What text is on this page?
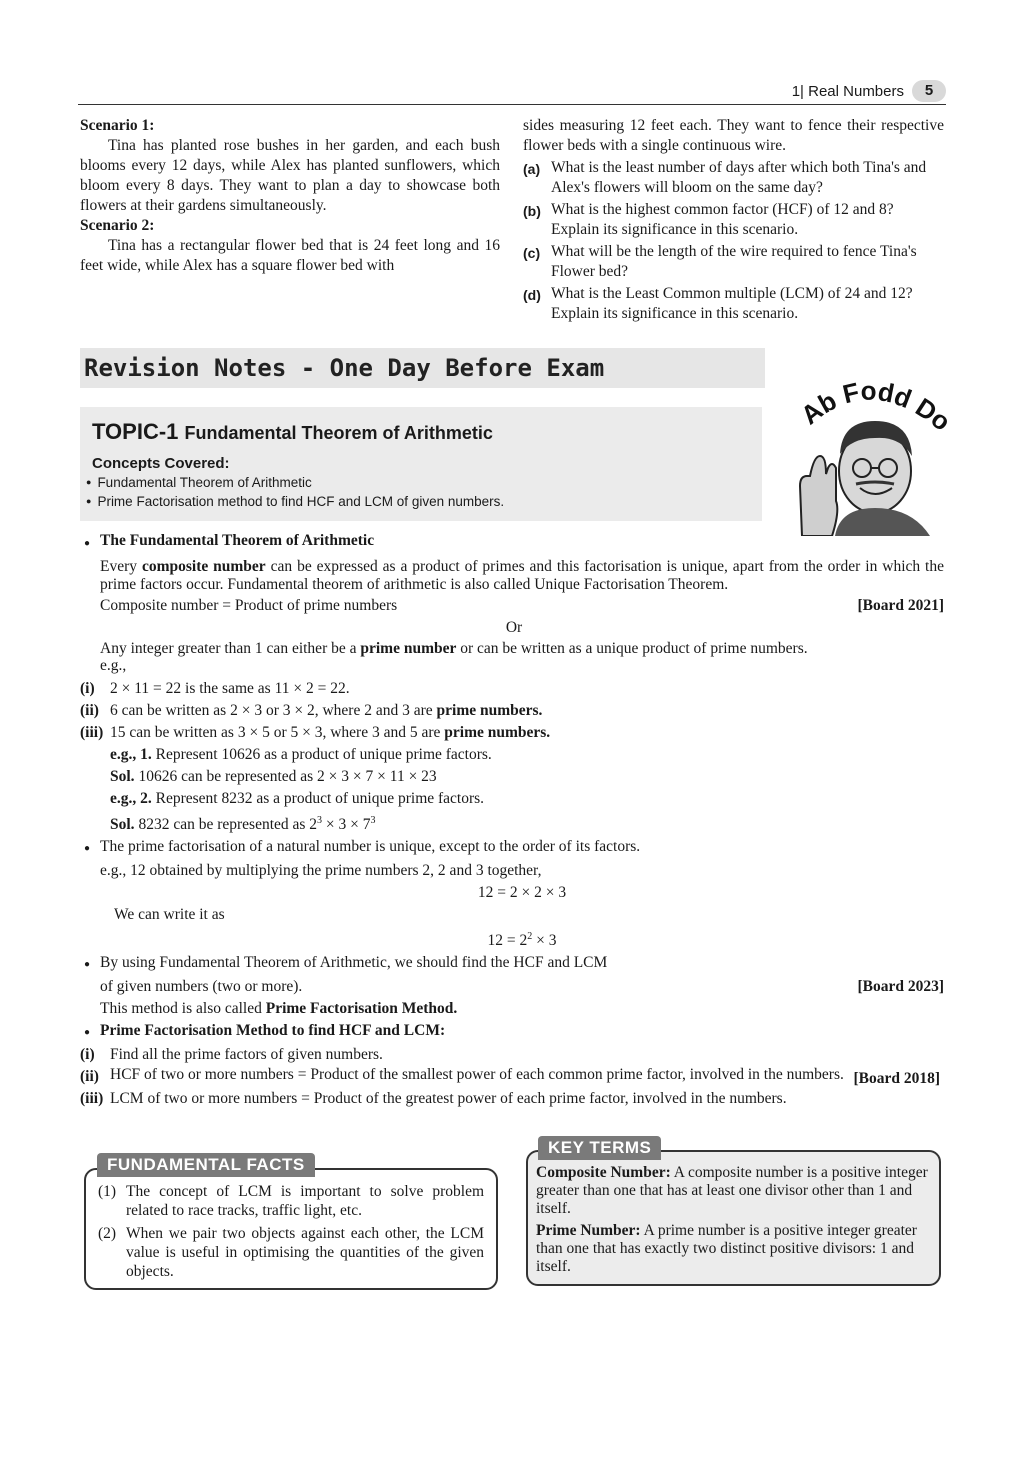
1| Real Numbers	5
Scenario 1:
Tina has planted rose bushes in her garden, and each bush blooms every 12 days, while Alex has planted sunflowers, which bloom every 8 days. They want to plan a day to showcase both flowers at their gardens simultaneously.
Scenario 2:
Tina has a rectangular flower bed that is 24 feet long and 16 feet wide, while Alex has a square flower bed with
sides measuring 12 feet each. They want to fence their respective flower beds with a single continuous wire.
(a) What is the least number of days after which both Tina's and Alex's flowers will bloom on the same day?
(b) What is the highest common factor (HCF) of 12 and 8? Explain its significance in this scenario.
(c) What will be the length of the wire required to fence Tina's Flower bed?
(d) What is the Least Common multiple (LCM) of 24 and 12? Explain its significance in this scenario.
Revision Notes - One Day Before Exam
TOPIC-1 Fundamental Theorem of Arithmetic
Concepts Covered:
● Fundamental Theorem of Arithmetic
● Prime Factorisation method to find HCF and LCM of given numbers.
Ab Fodd Do
● The Fundamental Theorem of Arithmetic
Every composite number can be expressed as a product of primes and this factorisation is unique, apart from the order in which the prime factors occur. Fundamental theorem of arithmetic is also called Unique Factorisation Theorem.
Composite number = Product of prime numbers	[Board 2021]
Or
Any integer greater than 1 can either be a prime number or can be written as a unique product of prime numbers.
e.g.,
(i) 2 × 11 = 22 is the same as 11 × 2 = 22.
(ii) 6 can be written as 2 × 3 or 3 × 2, where 2 and 3 are prime numbers.
(iii) 15 can be written as 3 × 5 or 5 × 3, where 3 and 5 are prime numbers.
e.g., 1. Represent 10626 as a product of unique prime factors.
Sol. 10626 can be represented as 2 × 3 × 7 × 11 × 23
e.g., 2. Represent 8232 as a product of unique prime factors.
Sol. 8232 can be represented as $2^3 \times 3 \times 7^3$
● The prime factorisation of a natural number is unique, except to the order of its factors.
e.g., 12 obtained by multiplying the prime numbers 2, 2 and 3 together,
12 = 2 × 2 × 3
We can write it as
$12 = 2^2 \times 3$
● By using Fundamental Theorem of Arithmetic, we should find the HCF and LCM
of given numbers (two or more).	[Board 2023]
This method is also called Prime Factorisation Method.
● Prime Factorisation Method to find HCF and LCM:
(i) Find all the prime factors of given numbers.
(ii) HCF of two or more numbers = Product of the smallest power of each common prime factor, involved in the numbers. [Board 2018]
(iii) LCM of two or more numbers = Product of the greatest power of each prime factor, involved in the numbers.
FUNDAMENTAL FACTS
(1) The concept of LCM is important to solve problem related to race tracks, traffic light, etc.
(2) When we pair two objects against each other, the LCM value is useful in optimising the quantities of the given objects.
KEY TERMS
Composite Number: A composite number is a positive integer greater than one that has at least one divisor other than 1 and itself.
Prime Number: A prime number is a positive integer greater than one that has exactly two distinct positive divisors: 1 and itself.
